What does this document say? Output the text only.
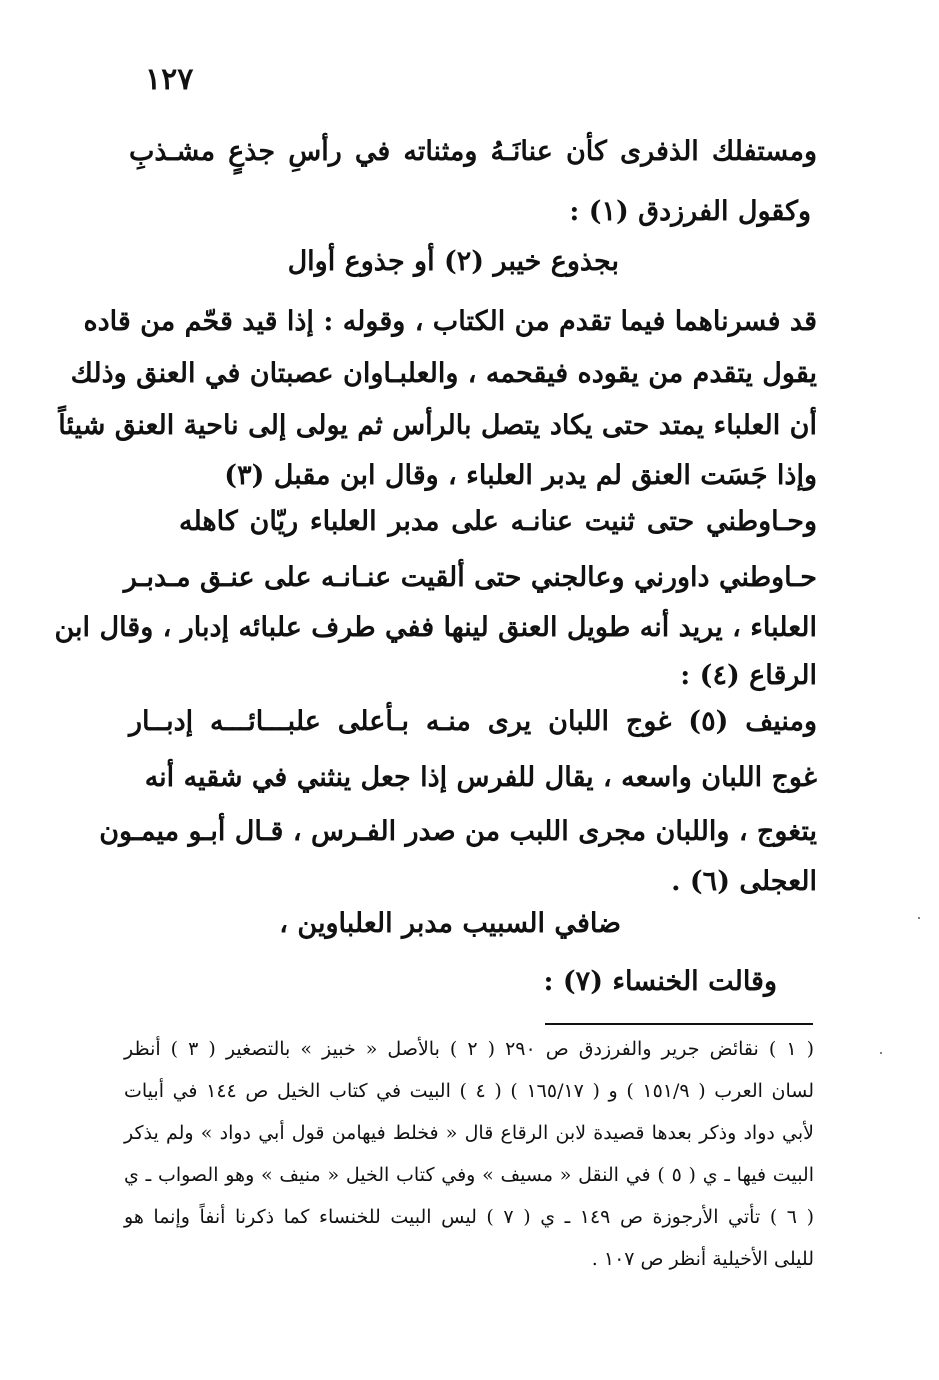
١٢٧
ومستفلك الذفرى كأن عنانَـهُ ومثناته في رأسِ جذعٍ مشـذبِ
وكقول الفرزدق (١) :
بجذوع خيبر (٢) أو جذوع أوال
قد فسرناهما فيما تقدم من الكتاب ، وقوله : إذا قيد قحّم من قاده
يقول يتقدم من يقوده فيقحمه ، والعلبـاوان عصبتان في العنق وذلك
أن العلباء يمتد حتى يكاد يتصل بالرأس ثم يولى إلى ناحية العنق شيئاً
وإذا جَسَت العنق لم يدبر العلباء ، وقال ابن مقبل (٣)
وحـاوطني حتى ثنيت عنانـه على مدبر العلباء ريّان كاهله
حـاوطني داورني وعالجني حتى ألقيت عنـانـه على عنـق مـدبـر
العلباء ، يريد أنه طويل العنق لينها ففي طرف علبائه إدبار ، وقال ابن
الرقاع (٤) :
ومنيف (٥) غوج اللبان يرى منـه بـأعلى علبـــائـــه إدبــار
غوج اللبان واسعه ، يقال للفرس إذا جعل ينثني في شقيه أنه
يتغوج ، واللبان مجرى اللبب من صدر الفـرس ، قـال أبـو ميمـون
العجلى (٦) .
ضافي السبيب مدبر العلباوين ،
وقالت الخنساء (٧) :
( ١ ) نقائض جرير والفرزدق ص ٢٩٠ ( ٢ ) بالأصل « خبيز » بالتصغير ( ٣ ) أنظر
لسان العرب ( ١٥١/٩ ) و ( ١٦٥/١٧ ) ( ٤ ) البيت في كتاب الخيل ص ١٤٤ في أبيات
لأبي دواد وذكر بعدها قصيدة لابن الرقاع قال « فخلط فيهامن قول أبي دواد » ولم يذكر
البيت فيها ـ ي ( ٥ ) في النقل « مسيف » وفي كتاب الخيل « منيف » وهو الصواب ـ ي
( ٦ ) تأتي الأرجوزة ص ١٤٩ ـ ي ( ٧ ) ليس البيت للخنساء كما ذكرنا أنفاً وإنما هو
لليلى الأخيلية أنظر ص ١٠٧ .
